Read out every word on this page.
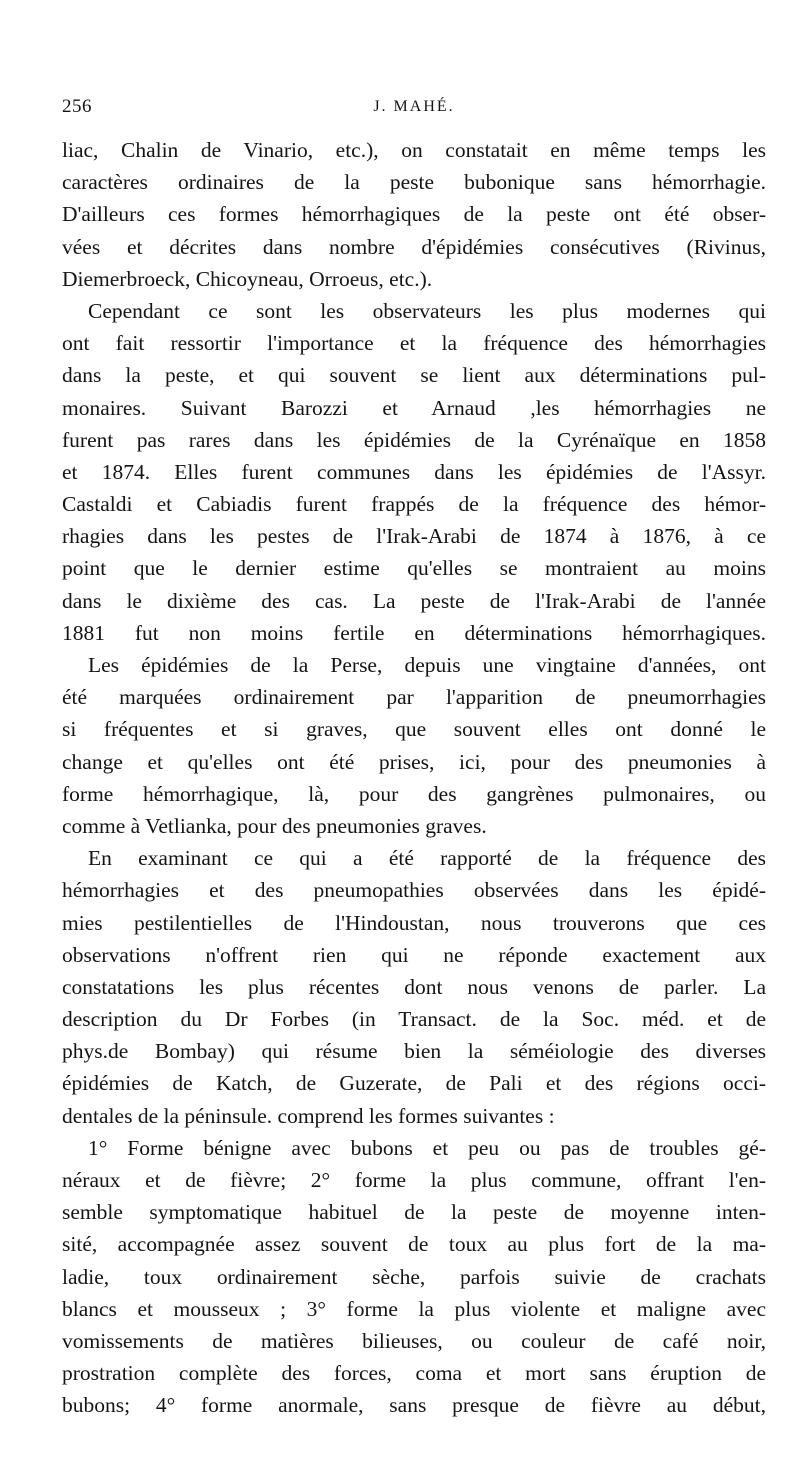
256	J. MAHÉ.
liac, Chalin de Vinario, etc.), on constatait en même temps les
caractères ordinaires de la peste bubonique sans hémorrhagie.
D'ailleurs ces formes hémorrhagiques de la peste ont été obser-
vées et décrites dans nombre d'épidémies consécutives (Rivinus,
Diemerbroeck, Chicoyneau, Orroeus, etc.).
Cependant ce sont les observateurs les plus modernes qui
ont fait ressortir l'importance et la fréquence des hémorrhagies
dans la peste, et qui souvent se lient aux déterminations pul-
monaires. Suivant Barozzi et Arnaud ,les hémorrhagies ne
furent pas rares dans les épidémies de la Cyrénaïque en 1858
et 1874. Elles furent communes dans les épidémies de l'Assyr.
Castaldi et Cabiadis furent frappés de la fréquence des hémor-
rhagies dans les pestes de l'Irak-Arabi de 1874 à 1876, à ce
point que le dernier estime qu'elles se montraient au moins
dans le dixième des cas. La peste de l'Irak-Arabi de l'année
1881 fut non moins fertile en déterminations hémorrhagiques.
Les épidémies de la Perse, depuis une vingtaine d'années, ont
été marquées ordinairement par l'apparition de pneumorrhagies
si fréquentes et si graves, que souvent elles ont donné le
change et qu'elles ont été prises, ici, pour des pneumonies à
forme hémorrhagique, là, pour des gangrènes pulmonaires, ou
comme à Vetlianka, pour des pneumonies graves.
En examinant ce qui a été rapporté de la fréquence des
hémorrhagies et des pneumopathies observées dans les épidé-
mies pestilentielles de l'Hindoustan, nous trouverons que ces
observations n'offrent rien qui ne réponde exactement aux
constatations les plus récentes dont nous venons de parler. La
description du Dr Forbes (in Transact. de la Soc. méd. et de
phys.de Bombay) qui résume bien la séméiologie des diverses
épidémies de Katch, de Guzerate, de Pali et des régions occi-
dentales de la péninsule. comprend les formes suivantes :
1° Forme bénigne avec bubons et peu ou pas de troubles gé-
néraux et de fièvre; 2° forme la plus commune, offrant l'en-
semble symptomatique habituel de la peste de moyenne inten-
sité, accompagnée assez souvent de toux au plus fort de la ma-
ladie, toux ordinairement sèche, parfois suivie de crachats
blancs et mousseux ; 3° forme la plus violente et maligne avec
vomissements de matières bilieuses, ou couleur de café noir,
prostration complète des forces, coma et mort sans éruption de
bubons; 4° forme anormale, sans presque de fièvre au début,
